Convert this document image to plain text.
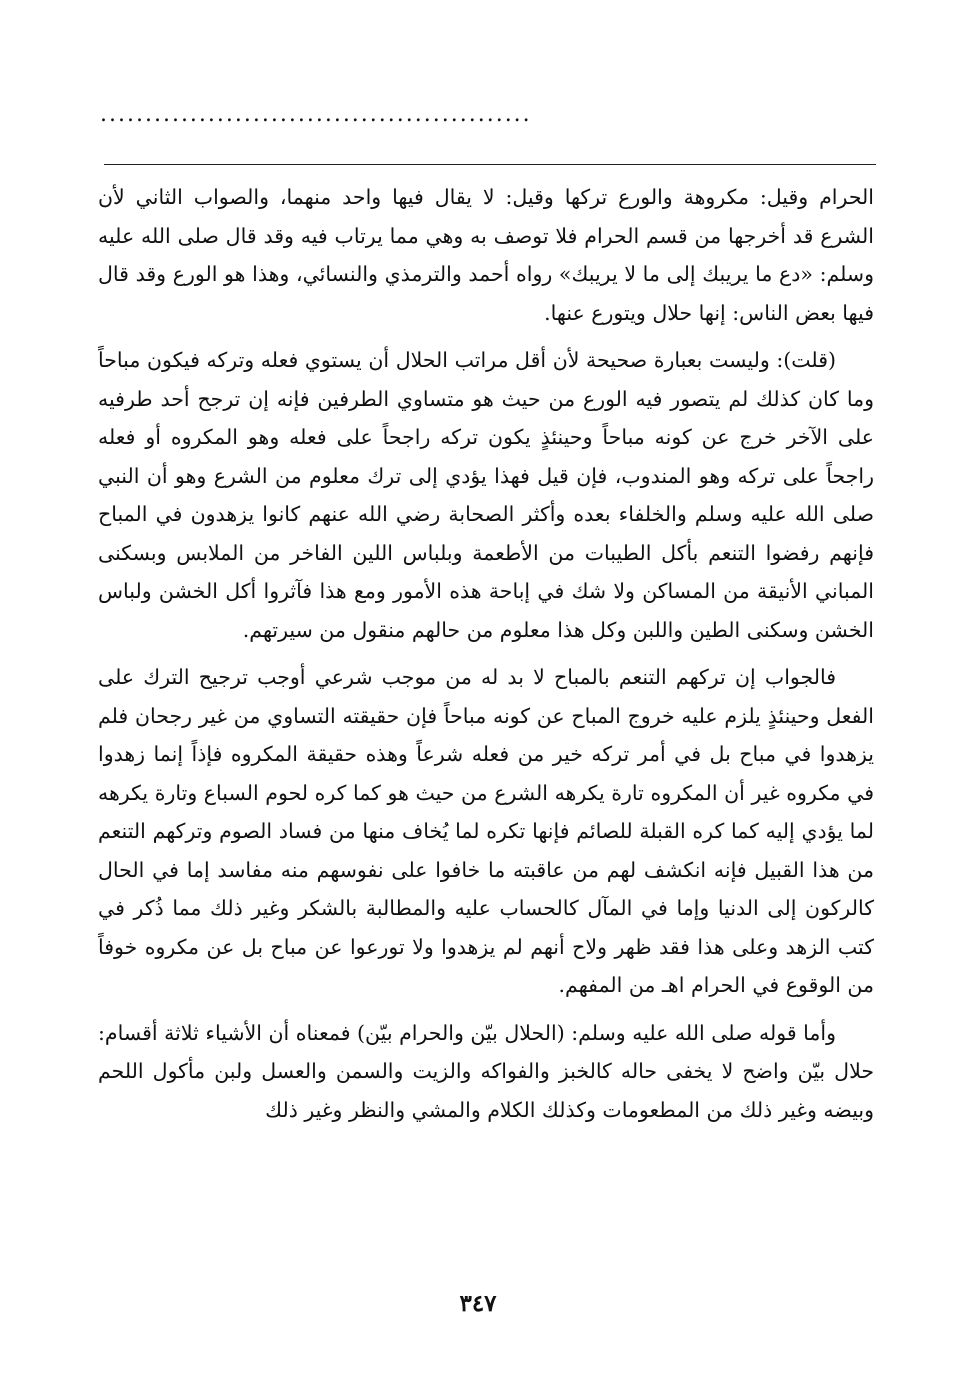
................................................

الحرام وقيل: مكروهة والورع تركها وقيل: لا يقال فيها واحد منهما، والصواب الثاني لأن الشرع قد أخرجها من قسم الحرام فلا توصف به وهي مما يرتاب فيه وقد قال صلى الله عليه وسلم: «دع ما يريبك إلى ما لا يريبك» رواه أحمد والترمذي والنسائي، وهذا هو الورع وقد قال فيها بعض الناس: إنها حلال ويتورع عنها.

(قلت): وليست بعبارة صحيحة لأن أقل مراتب الحلال أن يستوي فعله وتركه فيكون مباحاً وما كان كذلك لم يتصور فيه الورع من حيث هو متساوي الطرفين فإنه إن ترجح أحد طرفيه على الآخر خرج عن كونه مباحاً وحينئذٍ يكون تركه راجحاً على فعله وهو المكروه أو فعله راجحاً على تركه وهو المندوب، فإن قيل فهذا يؤدي إلى ترك معلوم من الشرع وهو أن النبي صلى الله عليه وسلم والخلفاء بعده وأكثر الصحابة رضي الله عنهم كانوا يزهدون في المباح فإنهم رفضوا التنعم بأكل الطيبات من الأطعمة وبلباس اللين الفاخر من الملابس وبسكنى المباني الأنيقة من المساكن ولا شك في إباحة هذه الأمور ومع هذا فآثروا أكل الخشن ولباس الخشن وسكنى الطين واللبن وكل هذا معلوم من حالهم منقول من سيرتهم.

فالجواب إن تركهم التنعم بالمباح لا بد له من موجب شرعي أوجب ترجيح الترك على الفعل وحينئذٍ يلزم عليه خروج المباح عن كونه مباحاً فإن حقيقته التساوي من غير رجحان فلم يزهدوا في مباح بل في أمر تركه خير من فعله شرعاً وهذه حقيقة المكروه فإذاً إنما زهدوا في مكروه غير أن المكروه تارة يكرهه الشرع من حيث هو كما كره لحوم السباع وتارة يكرهه لما يؤدي إليه كما كره القبلة للصائم فإنها تكره لما يُخاف منها من فساد الصوم وتركهم التنعم من هذا القبيل فإنه انكشف لهم من عاقبته ما خافوا على نفوسهم منه مفاسد إما في الحال كالركون إلى الدنيا وإما في المآل كالحساب عليه والمطالبة بالشكر وغير ذلك مما ذُكر في كتب الزهد وعلى هذا فقد ظهر ولاح أنهم لم يزهدوا ولا تورعوا عن مباح بل عن مكروه خوفاً من الوقوع في الحرام اهـ من المفهم.

وأما قوله صلى الله عليه وسلم: (الحلال بيّن والحرام بيّن) فمعناه أن الأشياء ثلاثة أقسام: حلال بيّن واضح لا يخفى حاله كالخبز والفواكه والزيت والسمن والعسل ولبن مأكول اللحم وبيضه وغير ذلك من المطعومات وكذلك الكلام والمشي والنظر وغير ذلك

٣٤٧
